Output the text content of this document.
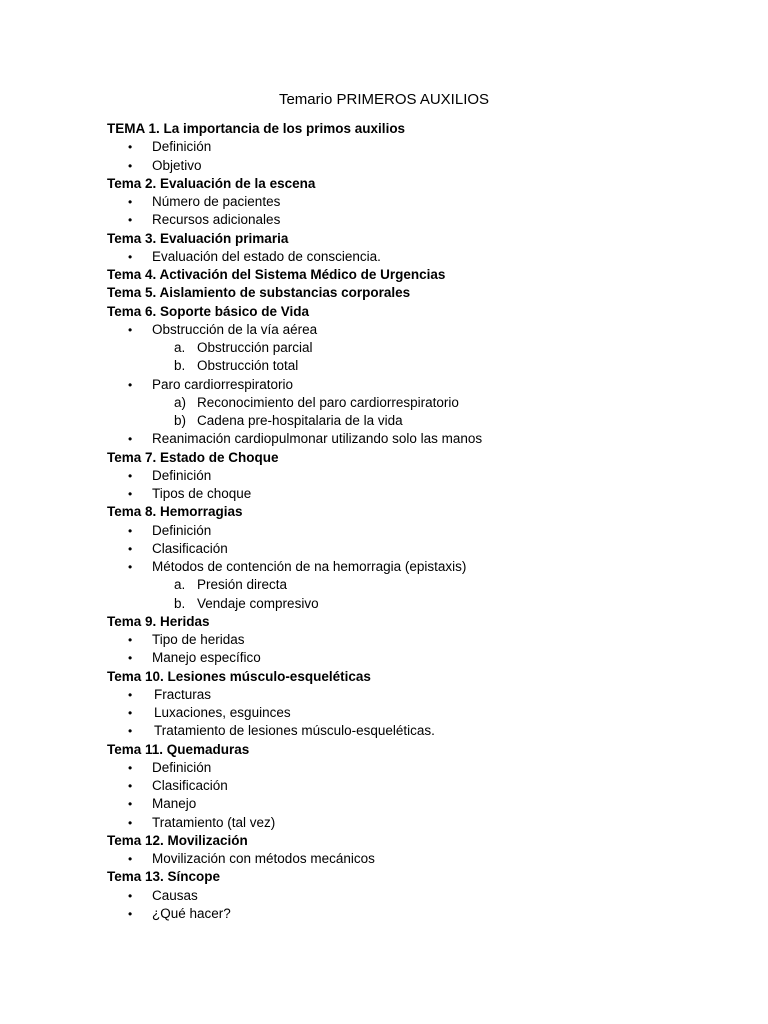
Temario PRIMEROS AUXILIOS
TEMA 1. La importancia de los primos auxilios
• Definición
• Objetivo
Tema 2. Evaluación de la escena
• Número de pacientes
• Recursos adicionales
Tema 3. Evaluación primaria
• Evaluación del estado de consciencia.
Tema 4. Activación del Sistema Médico de Urgencias
Tema 5. Aislamiento de substancias corporales
Tema 6. Soporte básico de Vida
• Obstrucción de la vía aérea
a. Obstrucción parcial
b. Obstrucción total
• Paro cardiorrespiratorio
a) Reconocimiento del paro cardiorrespiratorio
b) Cadena pre-hospitalaria de la vida
• Reanimación cardiopulmonar utilizando solo las manos
Tema 7. Estado de Choque
• Definición
• Tipos de choque
Tema 8. Hemorragias
• Definición
• Clasificación
• Métodos de contención de na hemorragia (epistaxis)
a. Presión directa
b. Vendaje compresivo
Tema 9. Heridas
• Tipo de heridas
• Manejo específico
Tema 10. Lesiones músculo-esqueléticas
• Fracturas
• Luxaciones, esguinces
• Tratamiento de lesiones músculo-esqueléticas.
Tema 11. Quemaduras
• Definición
• Clasificación
• Manejo
• Tratamiento (tal vez)
Tema 12. Movilización
• Movilización con métodos mecánicos
Tema 13. Síncope
• Causas
• ¿Qué hacer?
